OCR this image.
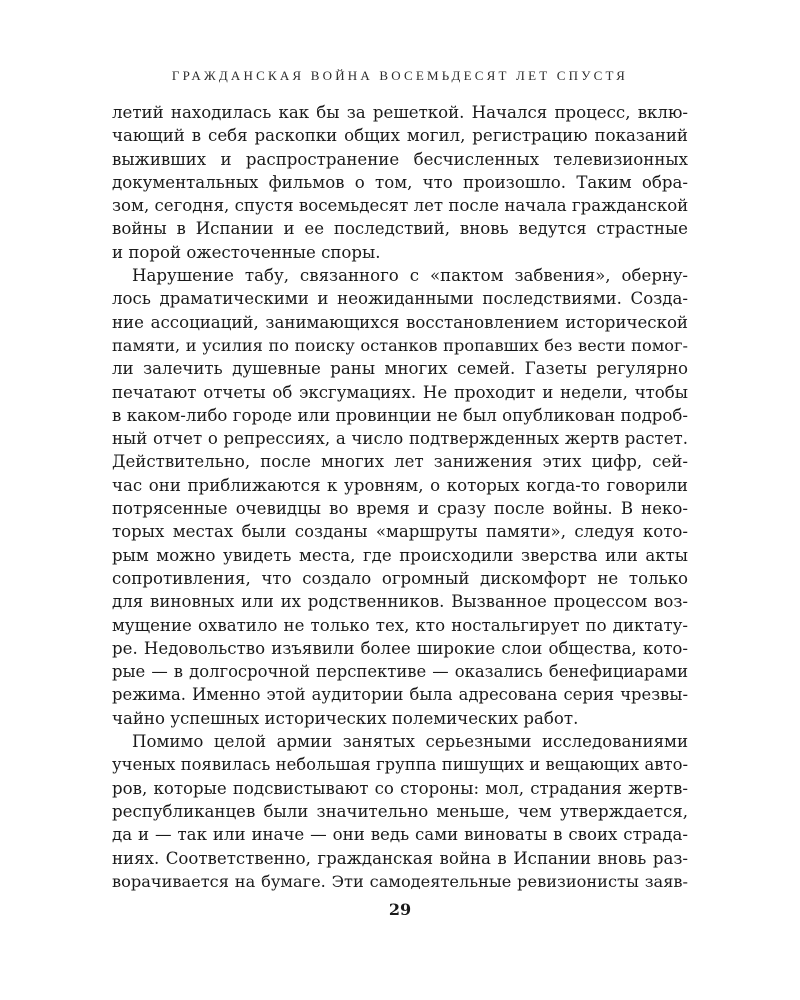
ГРАЖДАНСКАЯ ВОЙНА ВОСЕМЬДЕСЯТ ЛЕТ СПУСТЯ
летий находилась как бы за решеткой. Начался процесс, вклю-
чающий в себя раскопки общих могил, регистрацию показаний
выживших и распространение бесчисленных телевизионных
документальных фильмов о том, что произошло. Таким обра-
зом, сегодня, спустя восемьдесят лет после начала гражданской
войны в Испании и ее последствий, вновь ведутся страстные
и порой ожесточенные споры.
Нарушение табу, связанного с «пактом забвения», обернy-
лось драматическими и неожиданными последствиями. Созда-
ние ассоциаций, занимающихся восстановлением исторической
памяти, и усилия по поиску останков пропавших без вести помог-
ли залечить душевные раны многих семей. Газеты регулярно
печатают отчеты об эксгумациях. Не проходит и недели, чтобы
в каком-либо городе или провинции не был опубликован подроб-
ный отчет о репрессиях, а число подтвержденных жертв растет.
Действительно, после многих лет занижения этих цифр, сей-
час они приближаются к уровням, о которых когда-то говорили
потрясенные очевидцы во время и сразу после войны. В неко-
торых местах были созданы «маршруты памяти», следуя кото-
рым можно увидеть места, где происходили зверства или акты
сопротивления, что создало огромный дискомфорт не только
для виновных или их родственников. Вызванное процессом воз-
мущение охватило не только тех, кто ностальгирует по диктату-
ре. Недовольство изъявили более широкие слои общества, кото-
рые — в долгосрочной перспективе — оказались бенефициарами
режима. Именно этой аудитории была адресована серия чрезвы-
чайно успешных исторических полемических работ.
Помимо целой армии занятых серьезными исследованиями
ученых появилась небольшая группа пишущих и вещающих авто-
ров, которые подсвистывают со стороны: мол, страдания жертв-
республиканцев были значительно меньше, чем утверждается,
да и — так или иначе — они ведь сами виноваты в своих страда-
ниях. Соответственно, гражданская война в Испании вновь раз-
ворачивается на бумаге. Эти самодеятельные ревизионисты заяв-
29
